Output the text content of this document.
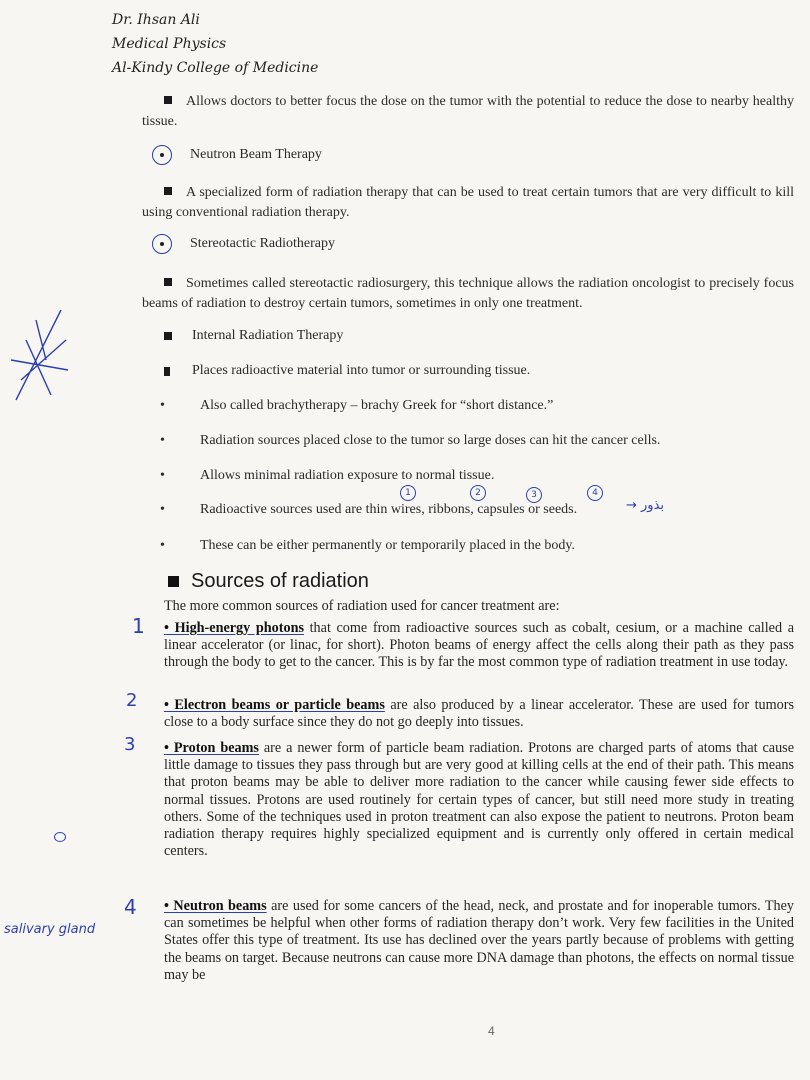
Dr. Ihsan Ali
Medical Physics
Al-Kindy College of Medicine
Allows doctors to better focus the dose on the tumor with the potential to reduce the dose to nearby healthy tissue.
Neutron Beam Therapy
A specialized form of radiation therapy that can be used to treat certain tumors that are very difficult to kill using conventional radiation therapy.
Stereotactic Radiotherapy
Sometimes called stereotactic radiosurgery, this technique allows the radiation oncologist to precisely focus beams of radiation to destroy certain tumors, sometimes in only one treatment.
Internal Radiation Therapy
Places radioactive material into tumor or surrounding tissue.
•	Also called brachytherapy – brachy Greek for “short distance.”
•	Radiation sources placed close to the tumor so large doses can hit the cancer cells.
•	Allows minimal radiation exposure to normal tissue.
•	Radioactive sources used are thin wires, ribbons, capsules or seeds.
•	These can be either permanently or temporarily placed in the body.
Sources of radiation
The more common sources of radiation used for cancer treatment are:
• High-energy photons that come from radioactive sources such as cobalt, cesium, or a machine called a linear accelerator (or linac, for short). Photon beams of energy affect the cells along their path as they pass through the body to get to the cancer. This is by far the most common type of radiation treatment in use today.
• Electron beams or particle beams are also produced by a linear accelerator. These are used for tumors close to a body surface since they do not go deeply into tissues.
• Proton beams are a newer form of particle beam radiation. Protons are charged parts of atoms that cause little damage to tissues they pass through but are very good at killing cells at the end of their path. This means that proton beams may be able to deliver more radiation to the cancer while causing fewer side effects to normal tissues. Protons are used routinely for certain types of cancer, but still need more study in treating others. Some of the techniques used in proton treatment can also expose the patient to neutrons. Proton beam radiation therapy requires highly specialized equipment and is currently only offered in certain medical centers.
• Neutron beams are used for some cancers of the head, neck, and prostate and for inoperable tumors. They can sometimes be helpful when other forms of radiation therapy don’t work. Very few facilities in the United States offer this type of treatment. Its use has declined over the years partly because of problems with getting the beams on target. Because neutrons can cause more DNA damage than photons, the effects on normal tissue may be
1
2
3
4
salivary gland
→ بذور
1	2	3	4
4
